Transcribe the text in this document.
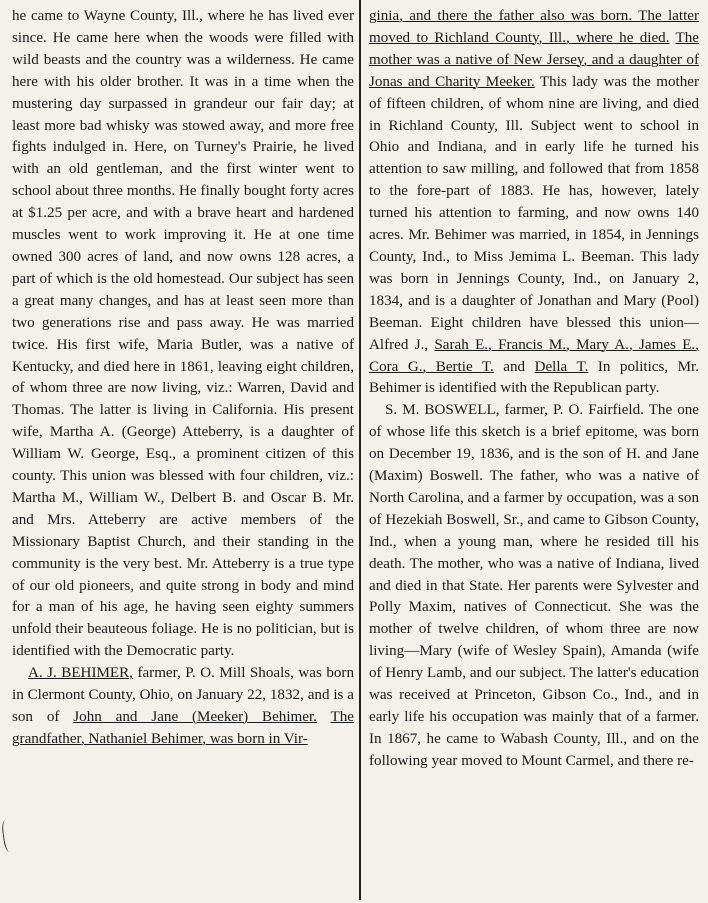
he came to Wayne County, Ill., where he has lived ever since. He came here when the woods were filled with wild beasts and the country was a wilderness. He came here with his older brother. It was in a time when the mustering day surpassed in grandeur our fair day; at least more bad whisky was stowed away, and more free fights indulged in. Here, on Turney's Prairie, he lived with an old gentleman, and the first winter went to school about three months. He finally bought forty acres at $1.25 per acre, and with a brave heart and hardened muscles went to work improving it. He at one time owned 300 acres of land, and now owns 128 acres, a part of which is the old homestead. Our subject has seen a great many changes, and has at least seen more than two generations rise and pass away. He was married twice. His first wife, Maria Butler, was a native of Kentucky, and died here in 1861, leaving eight children, of whom three are now living, viz.: Warren, David and Thomas. The latter is living in California. His present wife, Martha A. (George) Atteberry, is a daughter of William W. George, Esq., a prominent citizen of this county. This union was blessed with four children, viz.: Martha M., William W., Delbert B. and Oscar B. Mr. and Mrs. Atteberry are active members of the Missionary Baptist Church, and their standing in the community is the very best. Mr. Atteberry is a true type of our old pioneers, and quite strong in body and mind for a man of his age, he having seen eighty summers unfold their beauteous foliage. He is no politician, but is identified with the Democratic party.

A. J. BEHIMER, farmer, P. O. Mill Shoals, was born in Clermont County, Ohio, on January 22, 1832, and is a son of John and Jane (Meeker) Behimer. The grandfather, Nathaniel Behimer, was born in Vir-

ginia, and there the father also was born. The latter moved to Richland County, Ill., where he died. The mother was a native of New Jersey, and a daughter of Jonas and Charity Meeker. This lady was the mother of fifteen children, of whom nine are living, and died in Richland County, Ill. Subject went to school in Ohio and Indiana, and in early life he turned his attention to saw milling, and followed that from 1858 to the fore-part of 1883. He has, however, lately turned his attention to farming, and now owns 140 acres. Mr. Behimer was married, in 1854, in Jennings County, Ind., to Miss Jemima L. Beeman. This lady was born in Jennings County, Ind., on January 2, 1834, and is a daughter of Jonathan and Mary (Pool) Beeman. Eight children have blessed this union—Alfred J., Sarah E., Francis M., Mary A., James E., Cora G., Bertie T. and Della T. In politics, Mr. Behimer is identified with the Republican party.

S. M. BOSWELL, farmer, P. O. Fairfield. The one of whose life this sketch is a brief epitome, was born on December 19, 1836, and is the son of H. and Jane (Maxim) Boswell. The father, who was a native of North Carolina, and a farmer by occupation, was a son of Hezekiah Boswell, Sr., and came to Gibson County, Ind., when a young man, where he resided till his death. The mother, who was a native of Indiana, lived and died in that State. Her parents were Sylvester and Polly Maxim, natives of Connecticut. She was the mother of twelve children, of whom three are now living—Mary (wife of Wesley Spain), Amanda (wife of Henry Lamb, and our subject. The latter's education was received at Princeton, Gibson Co., Ind., and in early life his occupation was mainly that of a farmer. In 1867, he came to Wabash County, Ill., and on the following year moved to Mount Carmel, and there re-
